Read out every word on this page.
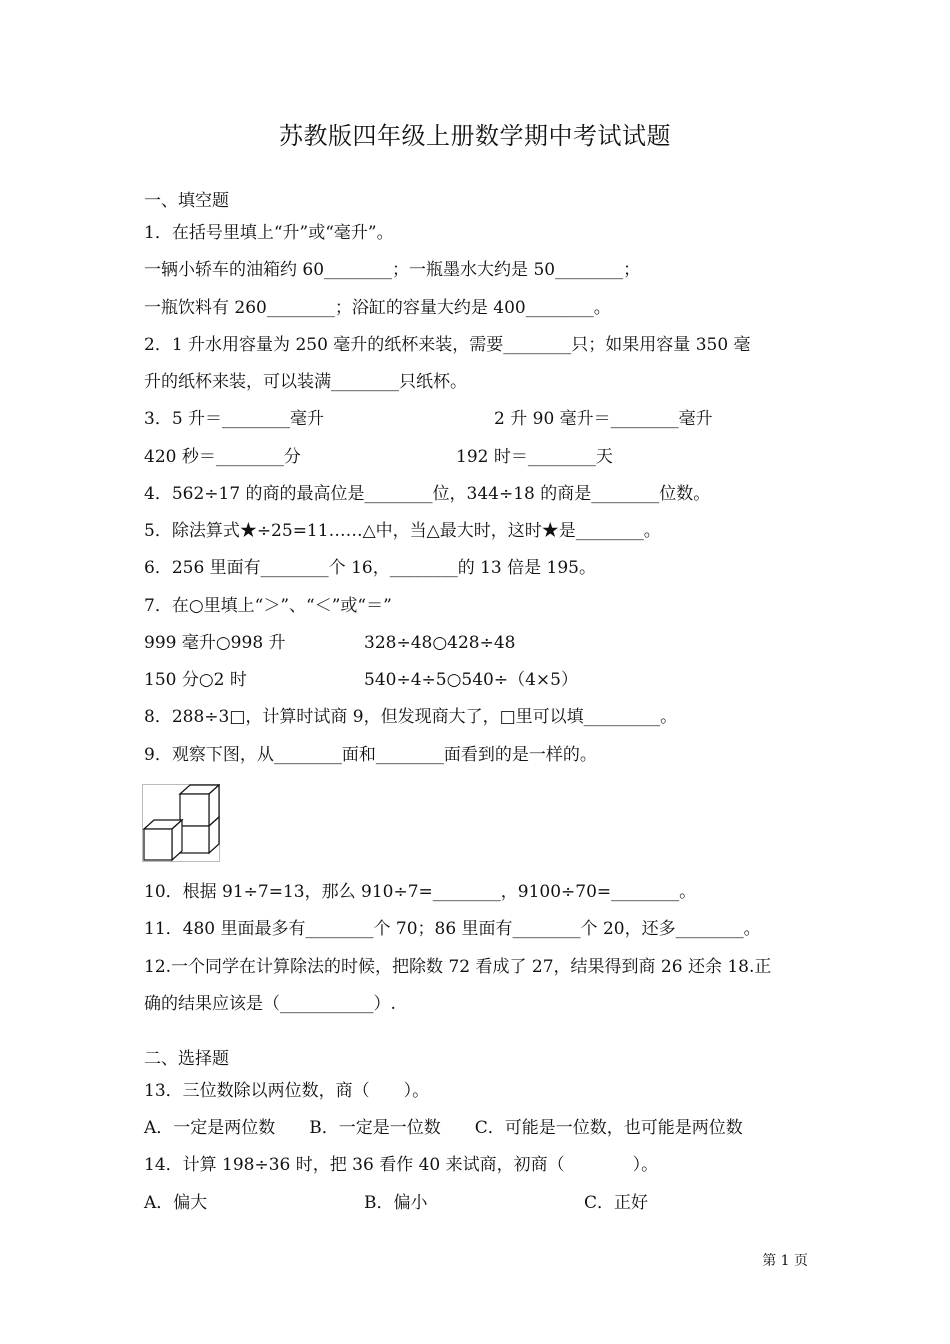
苏教版四年级上册数学期中考试试题
一、填空题
1．在括号里填上“升”或“毫升”。
一辆小轿车的油箱约 60________；一瓶墨水大约是 50________；
一瓶饮料有 260________；浴缸的容量大约是 400________。
2．1 升水用容量为 250 毫升的纸杯来装，需要________只；如果用容量 350 毫
升的纸杯来装，可以装满________只纸杯。
3．5 升＝________毫升	2 升 90 毫升＝________毫升
420 秒＝________分	192 时＝________天
4．562÷17 的商的最高位是________位，344÷18 的商是________位数。
5．除法算式★÷25=11……△中，当△最大时，这时★是________。
6．256 里面有________个 16，________的 13 倍是 195。
7．在○里填上“＞”、“＜”或“＝”
999 毫升○998 升	328÷48○428÷48
150 分○2 时	540÷4÷5○540÷（4×5）
8．288÷3□，计算时试商 9，但发现商大了，□里可以填_________。
9．观察下图，从________面和________面看到的是一样的。
10．根据 91÷7=13，那么 910÷7=________，9100÷70=________。
11．480 里面最多有________个 70；86 里面有________个 20，还多________。
12.一个同学在计算除法的时候，把除数 72 看成了 27，结果得到商 26 还余 18.正
确的结果应该是（___________）.
二、选择题
13．三位数除以两位数，商（　　）。
A．一定是两位数　　B．一定是一位数　　C．可能是一位数，也可能是两位数
14．计算 198÷36 时，把 36 看作 40 来试商，初商（　　　　）。
A．偏大	B．偏小	C．正好
第 1 页
